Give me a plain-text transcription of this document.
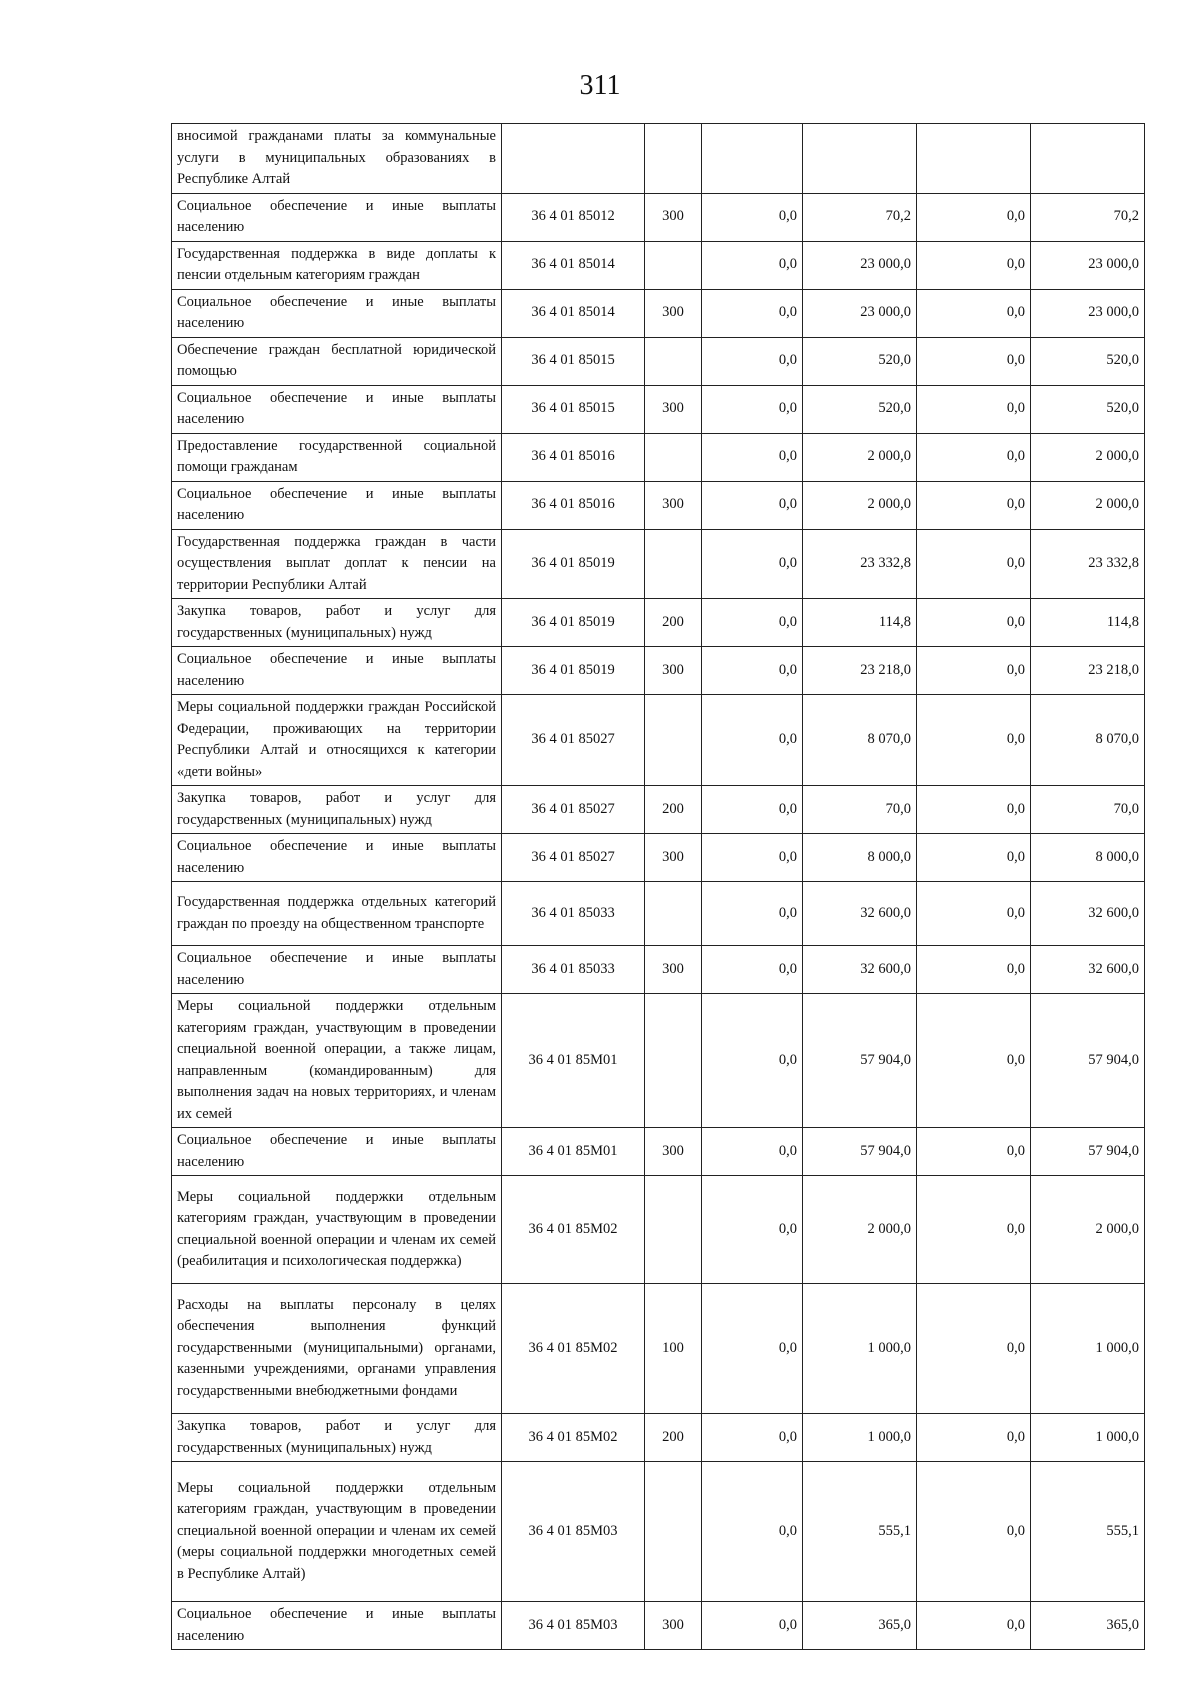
311
вносимой гражданами платы за коммунальные услуги в муниципальных образованиях в Республике Алтай						
Социальное обеспечение и иные выплаты населению	36 4 01 85012	300	0,0	70,2	0,0	70,2
Государственная поддержка в виде доплаты к пенсии отдельным категориям граждан	36 4 01 85014		0,0	23 000,0	0,0	23 000,0
Социальное обеспечение и иные выплаты населению	36 4 01 85014	300	0,0	23 000,0	0,0	23 000,0
Обеспечение граждан бесплатной юридической помощью	36 4 01 85015		0,0	520,0	0,0	520,0
Социальное обеспечение и иные выплаты населению	36 4 01 85015	300	0,0	520,0	0,0	520,0
Предоставление государственной социальной помощи гражданам	36 4 01 85016		0,0	2 000,0	0,0	2 000,0
Социальное обеспечение и иные выплаты населению	36 4 01 85016	300	0,0	2 000,0	0,0	2 000,0
Государственная поддержка граждан в части осуществления выплат доплат к пенсии на территории Республики Алтай	36 4 01 85019		0,0	23 332,8	0,0	23 332,8
Закупка товаров, работ и услуг для государственных (муниципальных) нужд	36 4 01 85019	200	0,0	114,8	0,0	114,8
Социальное обеспечение и иные выплаты населению	36 4 01 85019	300	0,0	23 218,0	0,0	23 218,0
Меры социальной поддержки граждан Российской Федерации, проживающих на территории Республики Алтай и относящихся к категории «дети войны»	36 4 01 85027		0,0	8 070,0	0,0	8 070,0
Закупка товаров, работ и услуг для государственных (муниципальных) нужд	36 4 01 85027	200	0,0	70,0	0,0	70,0
Социальное обеспечение и иные выплаты населению	36 4 01 85027	300	0,0	8 000,0	0,0	8 000,0
Государственная поддержка отдельных категорий граждан по проезду на общественном транспорте	36 4 01 85033		0,0	32 600,0	0,0	32 600,0
Социальное обеспечение и иные выплаты населению	36 4 01 85033	300	0,0	32 600,0	0,0	32 600,0
Меры социальной поддержки отдельным категориям граждан, участвующим в проведении специальной военной операции, а также лицам, направленным (командированным) для выполнения задач на новых территориях, и членам их семей	36 4 01 85М01		0,0	57 904,0	0,0	57 904,0
Социальное обеспечение и иные выплаты населению	36 4 01 85М01	300	0,0	57 904,0	0,0	57 904,0
Меры социальной поддержки отдельным категориям граждан, участвующим в проведении специальной военной операции и членам их семей (реабилитация и психологическая поддержка)	36 4 01 85М02		0,0	2 000,0	0,0	2 000,0
Расходы на выплаты персоналу в целях обеспечения выполнения функций государственными (муниципальными) органами, казенными учреждениями, органами управления государственными внебюджетными фондами	36 4 01 85М02	100	0,0	1 000,0	0,0	1 000,0
Закупка товаров, работ и услуг для государственных (муниципальных) нужд	36 4 01 85М02	200	0,0	1 000,0	0,0	1 000,0
Меры социальной поддержки отдельным категориям граждан, участвующим в проведении специальной военной операции и членам их семей (меры социальной поддержки многодетных семей в Республике Алтай)	36 4 01 85М03		0,0	555,1	0,0	555,1
Социальное обеспечение и иные выплаты населению	36 4 01 85М03	300	0,0	365,0	0,0	365,0
